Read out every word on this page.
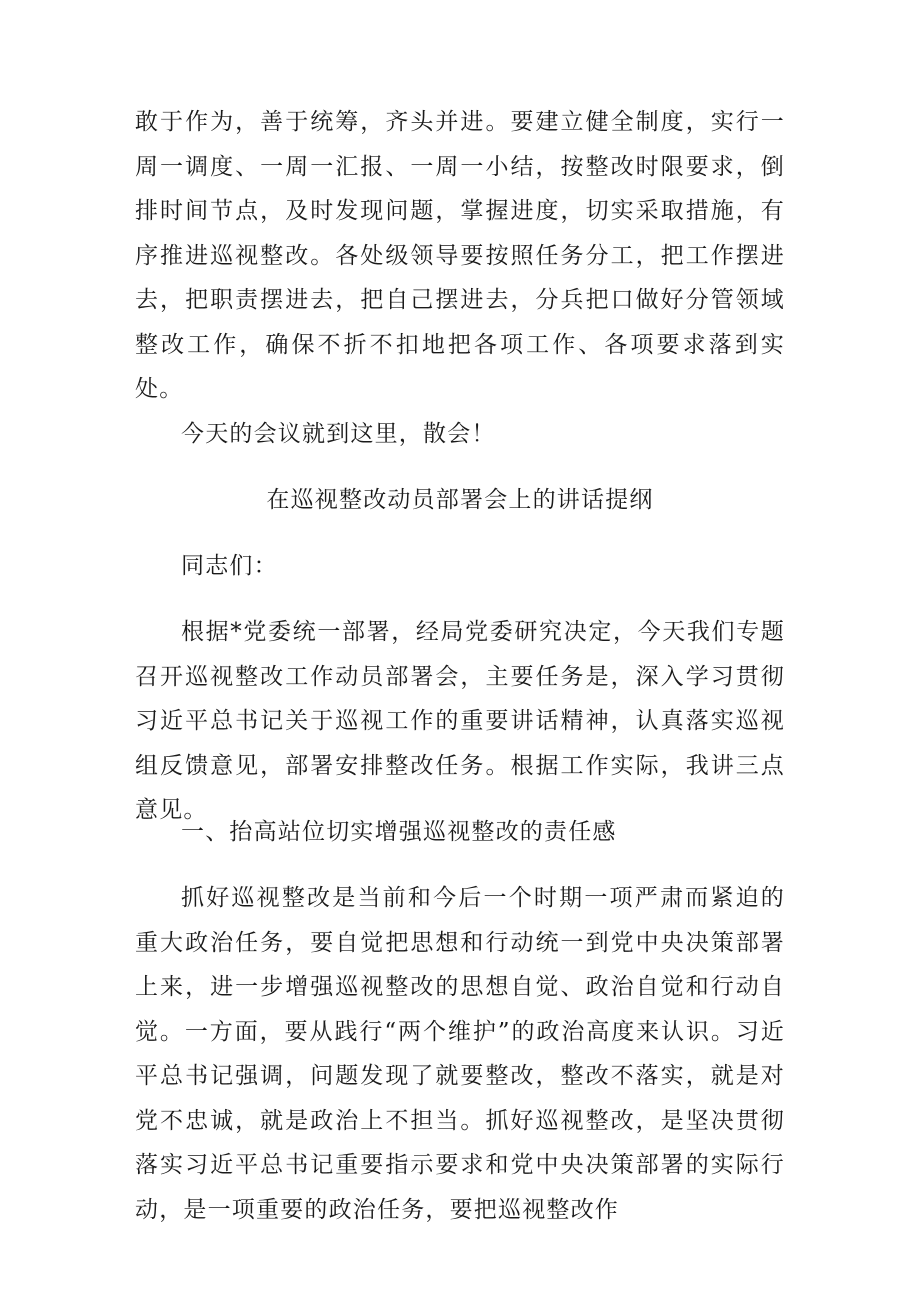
敢于作为，善于统筹，齐头并进。要建立健全制度，实行一周一调度、一周一汇报、一周一小结，按整改时限要求，倒排时间节点，及时发现问题，掌握进度，切实采取措施，有序推进巡视整改。各处级领导要按照任务分工，把工作摆进去，把职责摆进去，把自己摆进去，分兵把口做好分管领域整改工作，确保不折不扣地把各项工作、各项要求落到实处。

今天的会议就到这里，散会！

在巡视整改动员部署会上的讲话提纲

同志们：

根据*党委统一部署，经局党委研究决定，今天我们专题召开巡视整改工作动员部署会，主要任务是，深入学习贯彻习近平总书记关于巡视工作的重要讲话精神，认真落实巡视组反馈意见，部署安排整改任务。根据工作实际，我讲三点意见。

一、抬高站位切实增强巡视整改的责任感

抓好巡视整改是当前和今后一个时期一项严肃而紧迫的重大政治任务，要自觉把思想和行动统一到党中央决策部署上来，进一步增强巡视整改的思想自觉、政治自觉和行动自觉。一方面，要从践行“两个维护”的政治高度来认识。习近平总书记强调，问题发现了就要整改，整改不落实，就是对党不忠诚，就是政治上不担当。抓好巡视整改，是坚决贯彻落实习近平总书记重要指示要求和党中央决策部署的实际行动，是一项重要的政治任务，要把巡视整改作
